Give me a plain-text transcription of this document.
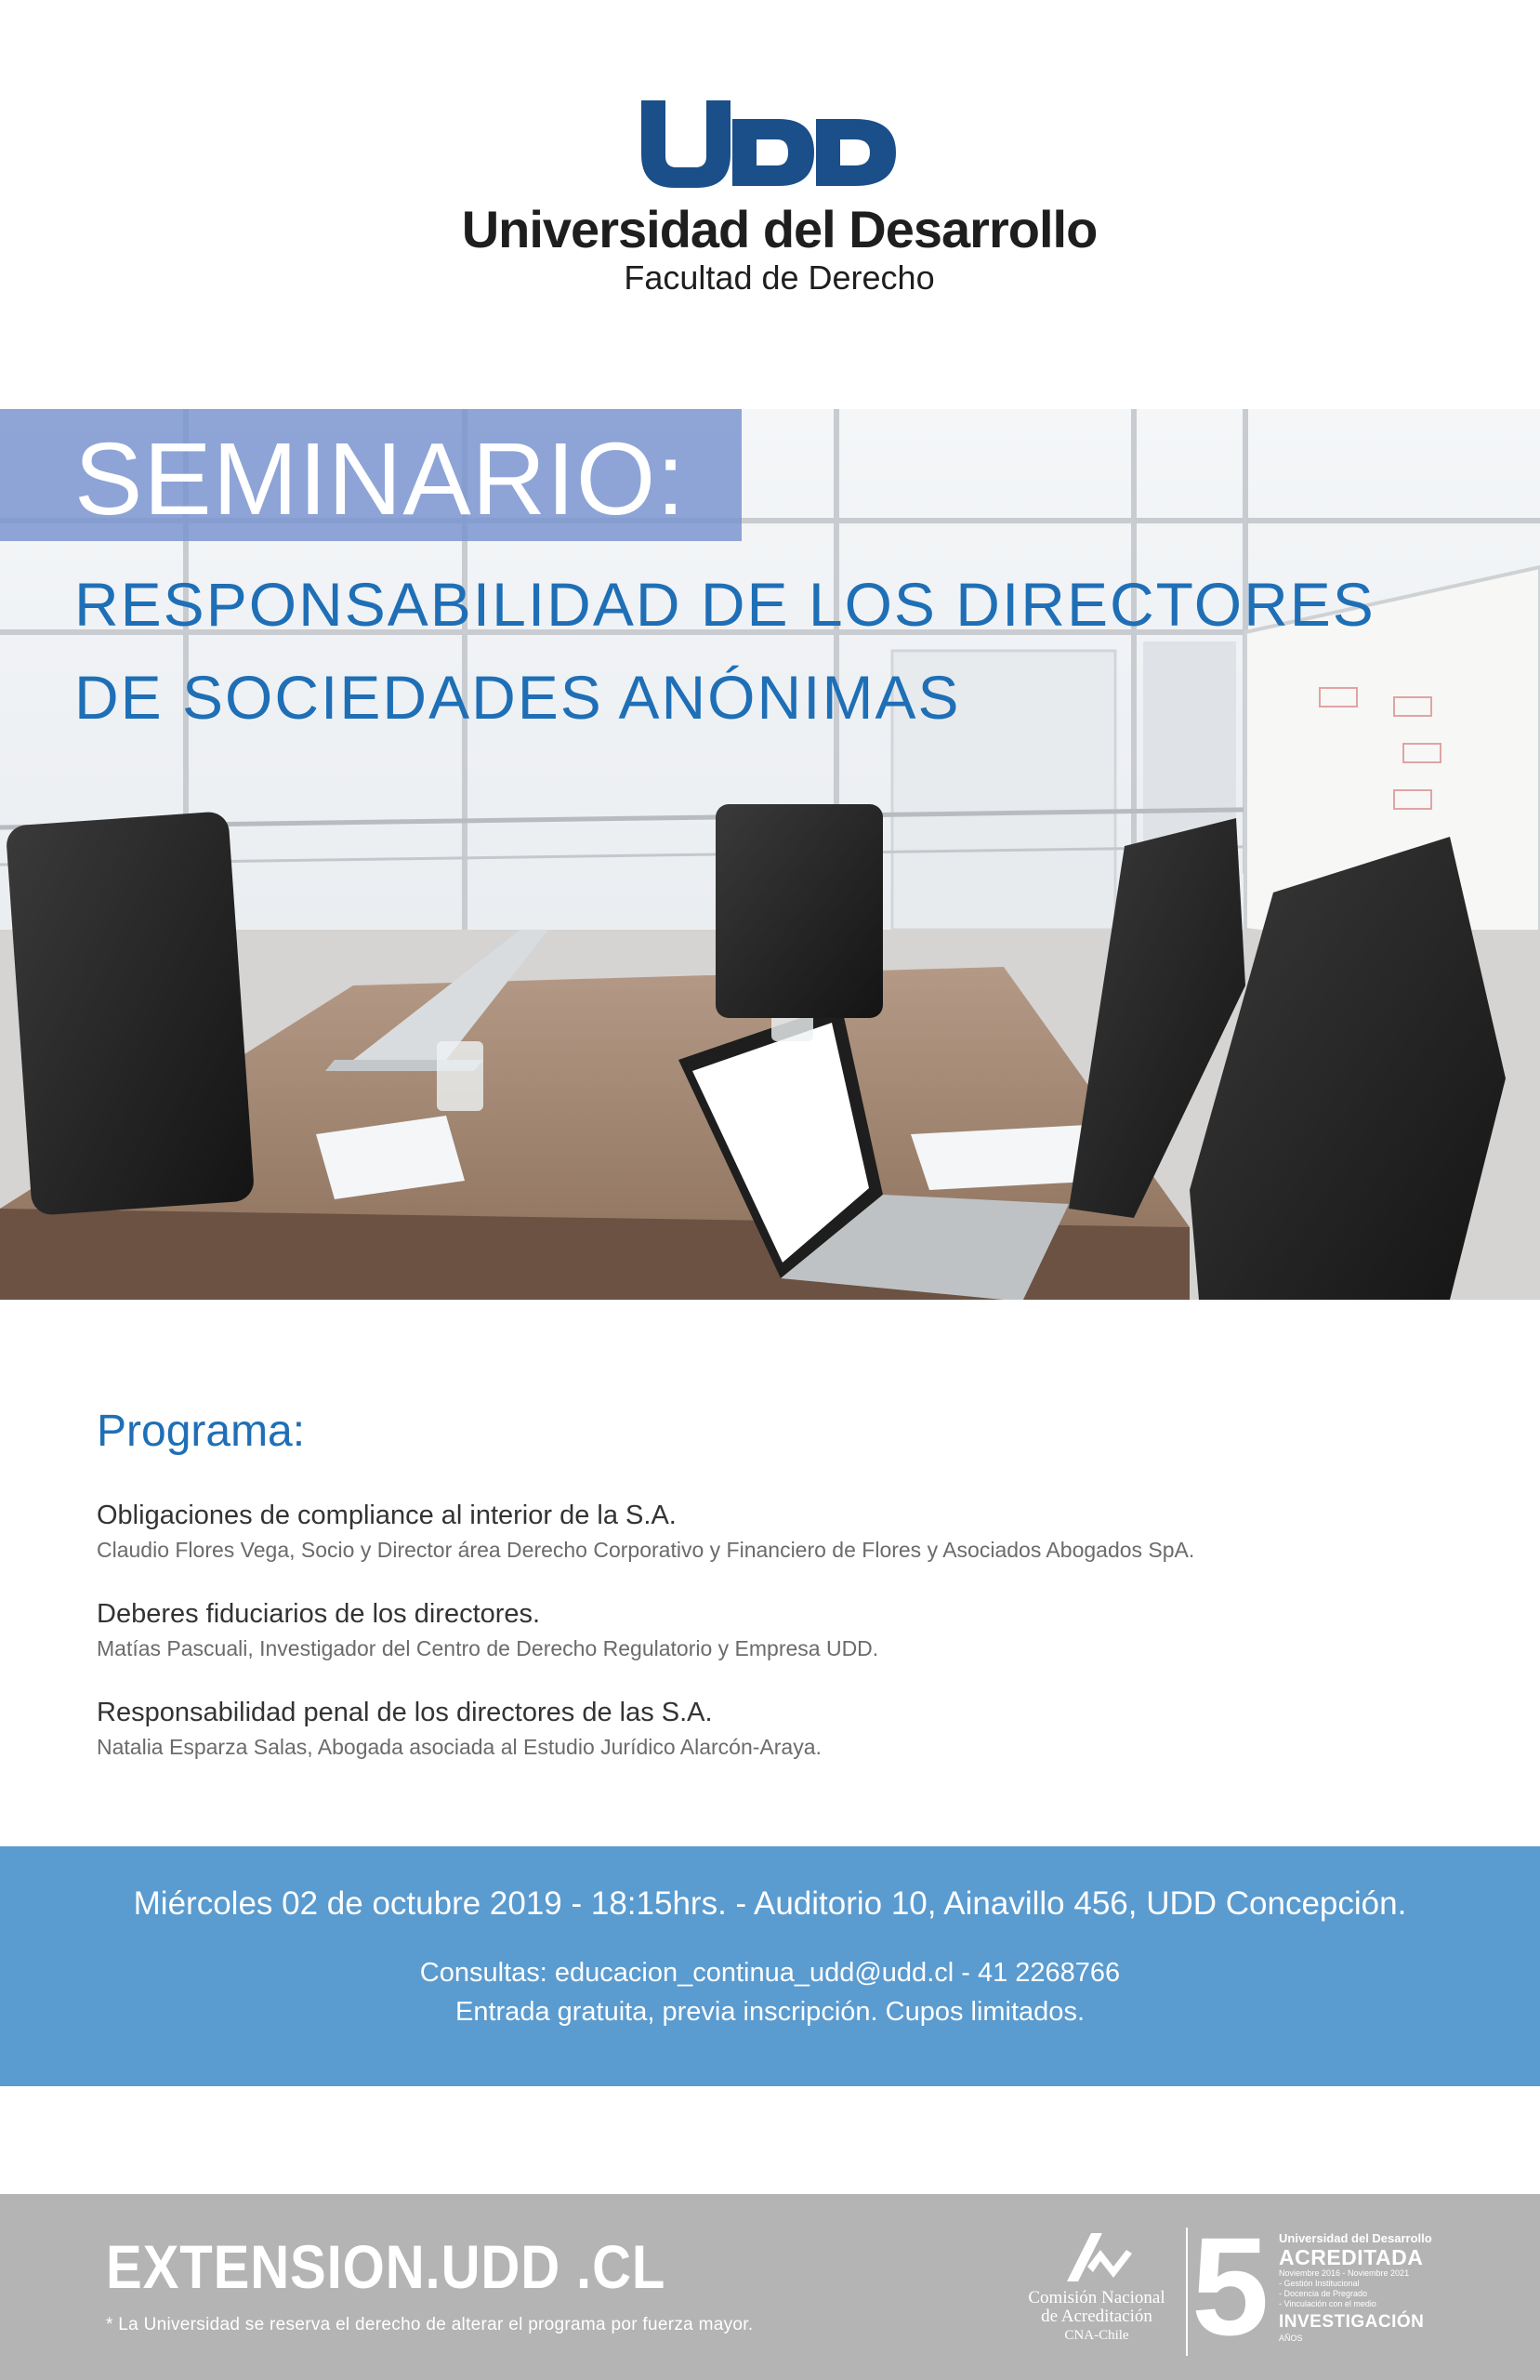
Universidad del Desarrollo
Facultad de Derecho
SEMINARIO:
RESPONSABILIDAD DE LOS DIRECTORES
DE SOCIEDADES ANÓNIMAS
Programa:
Obligaciones de compliance al interior de la S.A.
Claudio Flores Vega, Socio y Director área Derecho Corporativo y Financiero de Flores y Asociados Abogados SpA.
Deberes fiduciarios de los directores.
Matías Pascuali, Investigador del Centro de Derecho Regulatorio y Empresa UDD.
Responsabilidad penal de los directores de las S.A.
Natalia Esparza Salas, Abogada asociada al Estudio Jurídico Alarcón-Araya.
Miércoles 02 de octubre 2019 - 18:15hrs. - Auditorio 10, Ainavillo 456, UDD Concepción.
Consultas: educacion_continua_udd@udd.cl - 41 2268766
Entrada gratuita, previa inscripción. Cupos limitados.
EXTENSION.UDD .CL
* La Universidad se reserva el derecho de alterar el programa por fuerza mayor.
Comisión Nacional
de Acreditación
CNA-Chile 5 Universidad del Desarrollo
ACREDITADA
Noviembre 2016 - Noviembre 2021
- Gestión Institucional
- Docencia de Pregrado
- Vinculación con el medio
INVESTIGACIÓN
AÑOS
